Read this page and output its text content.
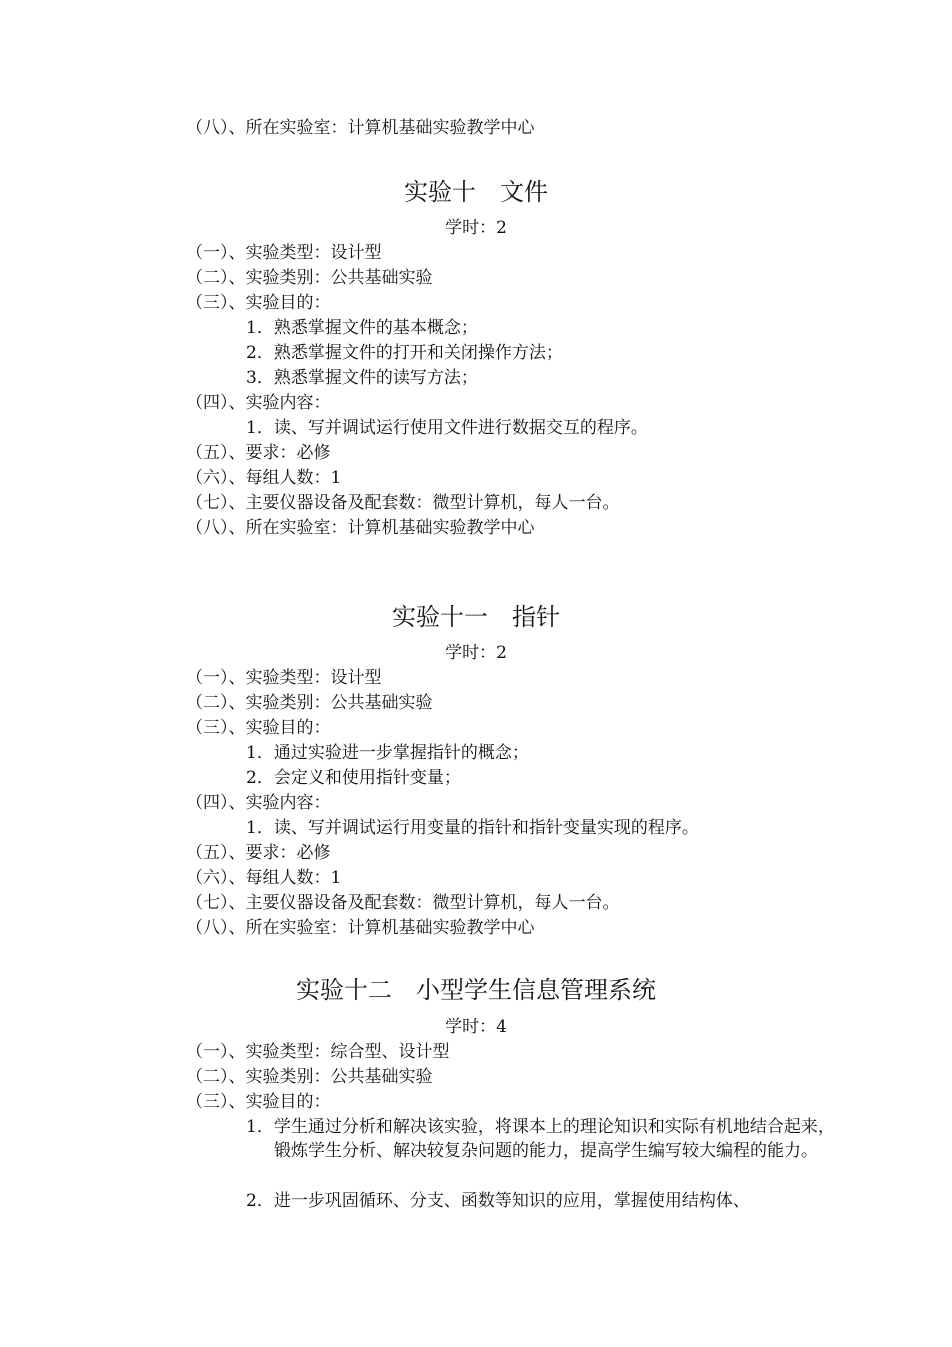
（八）、所在实验室：计算机基础实验教学中心
实验十　文件
学时：2
（一）、实验类型：设计型
（二）、实验类别：公共基础实验
（三）、实验目的：
1．熟悉掌握文件的基本概念；
2．熟悉掌握文件的打开和关闭操作方法；
3．熟悉掌握文件的读写方法；
（四）、实验内容：
1．读、写并调试运行使用文件进行数据交互的程序。
（五）、要求：必修
（六）、每组人数：1
（七）、主要仪器设备及配套数：微型计算机，每人一台。
（八）、所在实验室：计算机基础实验教学中心
实验十一　指针
学时：2
（一）、实验类型：设计型
（二）、实验类别：公共基础实验
（三）、实验目的：
1．通过实验进一步掌握指针的概念；
2．会定义和使用指针变量；
（四）、实验内容：
1．读、写并调试运行用变量的指针和指针变量实现的程序。
（五）、要求：必修
（六）、每组人数：1
（七）、主要仪器设备及配套数：微型计算机，每人一台。
（八）、所在实验室：计算机基础实验教学中心
实验十二　小型学生信息管理系统
学时：4
（一）、实验类型：综合型、设计型
（二）、实验类别：公共基础实验
（三）、实验目的：
1．学生通过分析和解决该实验，将课本上的理论知识和实际有机地结合起来，锻炼学生分析、解决较复杂问题的能力，提高学生编写较大编程的能力。
2．进一步巩固循环、分支、函数等知识的应用，掌握使用结构体、
